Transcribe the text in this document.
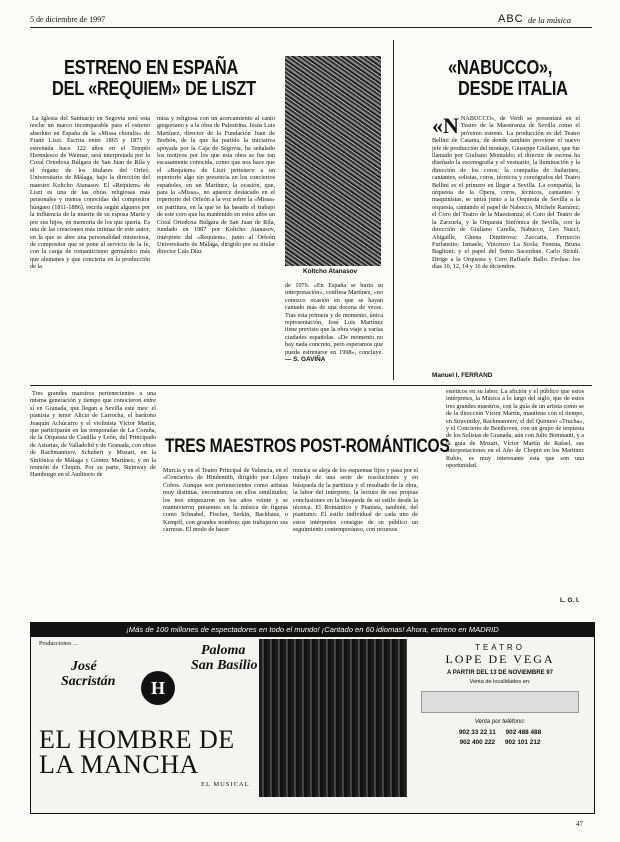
5 de diciembre de 1997	ABC de la música
ESTRENO EN ESPAÑA
DEL «REQUIEM» DE LISZT
La Iglesia del Santuario en Segovia será esta noche un marco incomparable para el estreno absoluto en España de la «Missa choralis» de Franz Liszt. Escrita entre 1865 y 1871 y estrenada hace 122 años en el Templo Hernnlesco de Weimar, será interpretada por la Coral Ortodoxa Búlgara de San Juan de Rila y el órgano de los titulares del Orfeó, Universitario de Málaga, bajo la dirección del maestro Koltcho Atanasov. El «Requiem» de Liszt es una de las obras religiosas más personales y menos conocidas del compositor húngaro (1811-1886), escrita según algunos por la influencia de la muerte de su esposa Marie y por sus hijos, en memoria de los que quería. Es una de las creaciones más intimas de este autor, en la que se abre una personalidad misteriosa, de compositor que se pone al servicio de la fe, con la carga de romanticismo germánico más que alemanes y que concierta en la producción de la
misa y religiosa con un acercamiento al canto gregoriano y a la obra de Palestrina. Jesús Luis Martínez, director de la Fundación Juan de Borbón, de la que ha partido la iniciativa apoyada por la Caja de Segovia, ha señalado los motivos por los que esta obra se fue tan escasamente conocida, como que nos hace que el «Requiem» de Liszt pertenece a un repertorio algo sin presencia en los conciertos españoles, en un Martínez, la ocasión, que, para la «Missa», no aparece destacado en el repertorio del Orfeón a la voz sobre la «Missa» en partitura, en la que se ha basado el trabajo de este coro que ha mantenido en estos años un Coral Ortodoxa Búlgara de San Juan de Rila, fundado en 1987 por Koltcho Atanasov, intérprete del «Requiem», junto al Orfeón Universitario de Málaga, dirigido por su titular director Luis Diaz
Koltcho Atanasov
de 1976. «En España se hurta su interpretación», confiesa Martínez, «no conozco ocasión en que se hayan cantado más de una docena de veces. Tras esta primera y de momento, única representación, José Luis Martínez tiene previsto que la obra viaje a varias ciudades españolas. «De momento no hay nada concreto, pero esperamos que pueda estrenarse en 1998», concluye. — S. GAVIÑA
«NABUCCO»,
DESDE ITALIA
«N NABUCCO», de Verdi se presentará en el Teatro de la Maestranza de Sevilla como el próximo estreno. La producción es del Teatro Bellini de Catania, de donde también proviene el nuevo jefe de producción del montaje, Giuseppe Giuliano, que fue llamado por Giuliano Montaldo; el director de escena ha diseñado la escenografía y el vestuario, la iluminación y la dirección de los coros; la compañía de bailarines, cantantes, solistas, coros, técnicos y coreógrafos del Teatro Bellini es el primero en llegar a Sevilla. La compañía, la orquesta de la Ópera, coros, técnicos, cantantes y maquinistas, se unirá junto a la Orquesta de Sevilla a la orquesta, cantando el papel de Nabucco, Michele Ramírez; el Coro del Teatro de la Maestranza; el Coro del Teatro de la Zarzuela, y la Orquesta Sinfónica de Sevilla, con la dirección de Giuliano Carella, Nabucco, Leo Nucci; Abigaille, Ghena Dimitrova; Zaccaria, Ferruccio Furlanetto; Ismaele, Vincenzo La Scola; Fenena, Bruna Baglioni; y el papel del Sumo Sacerdote, Carlo Striuli. Dirige a la Orquesta y Coro Raffaele Ballo. Fechas: los días 10, 12, 14 y 16 de diciembre.
Manuel I. FERRAND
Tres grandes maestros pertenecientes a una misma generación y tiempo que conocieron entre sí en Granada, que llegan a Sevilla este mes: el pianista y tenor Alicia de Larrocha, el barítono Joaquín Achúcarro y el violinista Víctor Martín, que participarán en las temporadas de La Coruña, de la Orquesta de Castilla y León, del Principado de Asturias, de Valladolid y de Granada, con obras de Rachmaninov, Schubert y Mozart, en la Sinfónica de Málaga y Gómez Martínez, y en la reunión de Chopin. Por su parte, Steinway de Hamburgo en el Auditorio de
TRES MAESTROS POST-ROMÁNTICOS
Murcia y en el Teatro Principal de Valencia, en el «Concierto» de Hindemith, dirigido por López Cobos. Aunque son pertenecientes como artistas muy distintas, encontramos en ellos similitudes; los tres empezaron en los años veinte y se mantuvieron presentes en la música de figuras como Schnabel, Fischer, Serkin, Backhaus, o Kempff, con grandes nombres que trabajaron sus carreras. El modo de hacer
música se aleja de los esquemas fijos y pasa por el trabajo de una serie de resoluciones y en búsqueda de la partitura y el resultado de la obra, la labor del intérprete, la lectura de sus propias conclusiones en la búsqueda de su estilo desde la técnica. El Romántico y Pianista, también, del pianismo. El estilo individual de cada uno de estos intérpretes consigue de su público un seguimiento contemporáneo, con recursos
estéticos en su labor. La afición y el público que estos intérpretes, la Música a lo largo del siglo, que de estos tres grandes maestros, con la guía de un artista como se de la dirección Víctor Martín, mantiene con el tiempo, en Stravinsky, Rachmaninov, el del Quinteto «Trucha», y el Concierto de Beethoven, con un grupo de orquesta de los Solistas de Granada, aún con Julio Bomnanti, y a la guía de Mozart, Víctor Martín de Rafael, sus interpretaciones en el Año de Chopin en los Martinez Rubio, es muy interesante esta que son una oportunidad.
L. G. I.
¡Más de 100 millones de espectadores en todo el mundo! ¡Cantado en 60 idiomas! Ahora, estreno en MADRID
Producciones ...
José
Sacristán	H
Paloma
San Basilio
EL HOMBRE DE
LA MANCHA
EL MUSICAL
TEATRO
LOPE DE VEGA
A PARTIR DEL 13 DE NOVIEMBRE 97
Venta de localidades en:
Venta por teléfono:
902 33 22 11 902 488 488
902 400 222 902 101 212
47
